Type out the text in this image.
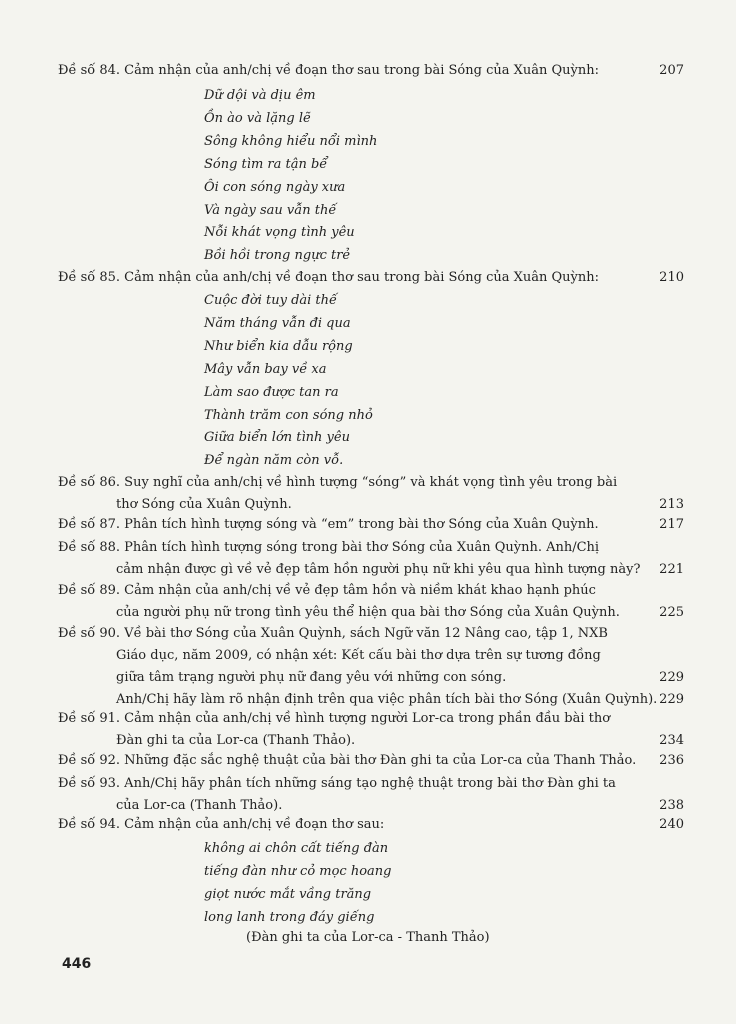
Đề số 84. Cảm nhận của anh/chị về đoạn thơ sau trong bài Sóng của Xuân Quỳnh:	207
Dữ dội và dịu êm
Ồn ào và lặng lẽ
Sông không hiểu nổi mình
Sóng tìm ra tận bể
Ôi con sóng ngày xưa
Và ngày sau vẫn thế
Nỗi khát vọng tình yêu
Bồi hồi trong ngực trẻ
Đề số 85. Cảm nhận của anh/chị về đoạn thơ sau trong bài Sóng của Xuân Quỳnh:	210
Cuộc đời tuy dài thế
Năm tháng vẫn đi qua
Như biển kia dẫu rộng
Mây vẫn bay về xa
Làm sao được tan ra
Thành trăm con sóng nhỏ
Giữa biển lớn tình yêu
Để ngàn năm còn vỗ.
Đề số 86. Suy nghĩ của anh/chị về hình tượng “sóng” và khát vọng tình yêu trong bài
thơ Sóng của Xuân Quỳnh.	213
Đề số 87. Phân tích hình tượng sóng và “em” trong bài thơ Sóng của Xuân Quỳnh.	217
Đề số 88. Phân tích hình tượng sóng trong bài thơ Sóng của Xuân Quỳnh. Anh/Chị
cảm nhận được gì về vẻ đẹp tâm hồn người phụ nữ khi yêu qua hình tượng này? 221
Đề số 89. Cảm nhận của anh/chị về vẻ đẹp tâm hồn và niềm khát khao hạnh phúc
của người phụ nữ trong tình yêu thể hiện qua bài thơ Sóng của Xuân Quỳnh.	225
Đề số 90. Về bài thơ Sóng của Xuân Quỳnh, sách Ngữ văn 12 Nâng cao, tập 1, NXB
Giáo dục, năm 2009, có nhận xét: Kết cấu bài thơ dựa trên sự tương đồng
giữa tâm trạng người phụ nữ đang yêu với những con sóng.	229
Anh/Chị hãy làm rõ nhận định trên qua việc phân tích bài thơ Sóng (Xuân Quỳnh). 229
Đề số 91. Cảm nhận của anh/chị về hình tượng người Lor-ca trong phần đầu bài thơ
Đàn ghi ta của Lor-ca (Thanh Thảo).	234
Đề số 92. Những đặc sắc nghệ thuật của bài thơ Đàn ghi ta của Lor-ca của Thanh Thảo. 236
Đề số 93. Anh/Chị hãy phân tích những sáng tạo nghệ thuật trong bài thơ Đàn ghi ta
của Lor-ca (Thanh Thảo).	238
Đề số 94. Cảm nhận của anh/chị về đoạn thơ sau:	240
không ai chôn cất tiếng đàn
tiếng đàn như cỏ mọc hoang
giọt nước mắt vầng trăng
long lanh trong đáy giếng
(Đàn ghi ta của Lor-ca - Thanh Thảo)
446
